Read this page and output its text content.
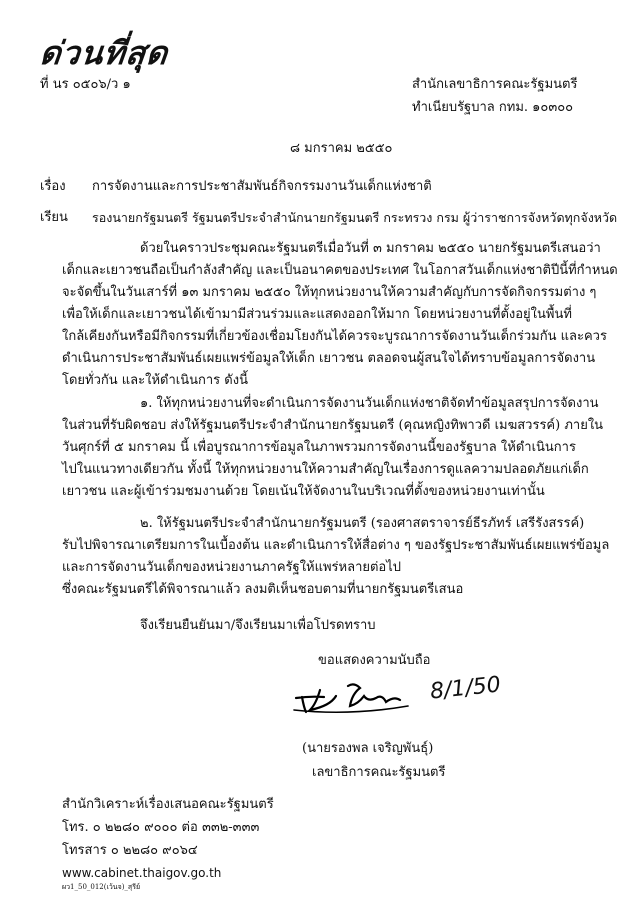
ด่วนที่สุด
ที่ นร ๐๕๐๖/ว ๑	สำนักเลขาธิการคณะรัฐมนตรี
ทำเนียบรัฐบาล กทม. ๑๐๓๐๐
๘ มกราคม ๒๕๕๐
เรื่อง การจัดงานและการประชาสัมพันธ์กิจกรรมงานวันเด็กแห่งชาติ
เรียน รองนายกรัฐมนตรี รัฐมนตรีประจำสำนักนายกรัฐมนตรี กระทรวง กรม ผู้ว่าราชการจังหวัดทุกจังหวัด
ด้วยในคราวประชุมคณะรัฐมนตรีเมื่อวันที่ ๓ มกราคม ๒๕๕๐ นายกรัฐมนตรีเสนอว่า
เด็กและเยาวชนถือเป็นกำลังสำคัญ และเป็นอนาคตของประเทศ ในโอกาสวันเด็กแห่งชาติปีนี้ที่กำหนด
จะจัดขึ้นในวันเสาร์ที่ ๑๓ มกราคม ๒๕๕๐ ให้ทุกหน่วยงานให้ความสำคัญกับการจัดกิจกรรมต่าง ๆ
เพื่อให้เด็กและเยาวชนได้เข้ามามีส่วนร่วมและแสดงออกให้มาก โดยหน่วยงานที่ตั้งอยู่ในพื้นที่
ใกล้เคียงกันหรือมีกิจกรรมที่เกี่ยวข้องเชื่อมโยงกันได้ควรจะบูรณาการจัดงานวันเด็กร่วมกัน และควร
ดำเนินการประชาสัมพันธ์เผยแพร่ข้อมูลให้เด็ก เยาวชน ตลอดจนผู้สนใจได้ทราบข้อมูลการจัดงาน
โดยทั่วกัน และให้ดำเนินการ ดังนี้
๑. ให้ทุกหน่วยงานที่จะดำเนินการจัดงานวันเด็กแห่งชาติจัดทำข้อมูลสรุปการจัดงาน
ในส่วนที่รับผิดชอบ ส่งให้รัฐมนตรีประจำสำนักนายกรัฐมนตรี (คุณหญิงทิพาวดี เมฆสวรรค์) ภายใน
วันศุกร์ที่ ๕ มกราคม นี้ เพื่อบูรณาการข้อมูลในภาพรวมการจัดงานนี้ของรัฐบาล ให้ดำเนินการ
ไปในแนวทางเดียวกัน ทั้งนี้ ให้ทุกหน่วยงานให้ความสำคัญในเรื่องการดูแลความปลอดภัยแก่เด็ก
เยาวชน และผู้เข้าร่วมชมงานด้วย โดยเน้นให้จัดงานในบริเวณที่ตั้งของหน่วยงานเท่านั้น
๒. ให้รัฐมนตรีประจำสำนักนายกรัฐมนตรี (รองศาสตราจารย์ธีรภัทร์ เสรีรังสรรค์)
รับไปพิจารณาเตรียมการในเบื้องต้น และดำเนินการให้สื่อต่าง ๆ ของรัฐประชาสัมพันธ์เผยแพร่ข้อมูล
และการจัดงานวันเด็กของหน่วยงานภาครัฐให้แพร่หลายต่อไป
ซึ่งคณะรัฐมนตรีได้พิจารณาแล้ว ลงมติเห็นชอบตามที่นายกรัฐมนตรีเสนอ
จึงเรียนยืนยันมา/จึงเรียนมาเพื่อโปรดทราบ
ขอแสดงความนับถือ
8/1/50
(นายรองพล เจริญพันธุ์)
เลขาธิการคณะรัฐมนตรี
สำนักวิเคราะห์เรื่องเสนอคณะรัฐมนตรี
โทร. ๐ ๒๒๘๐ ๙๐๐๐ ต่อ ๓๓๒-๓๓๓
โทรสาร ๐ ๒๒๘๐ ๙๐๖๔
www.cabinet.thaigov.go.th
ผว1_50_012(เว้นจ)_สุรีย์
